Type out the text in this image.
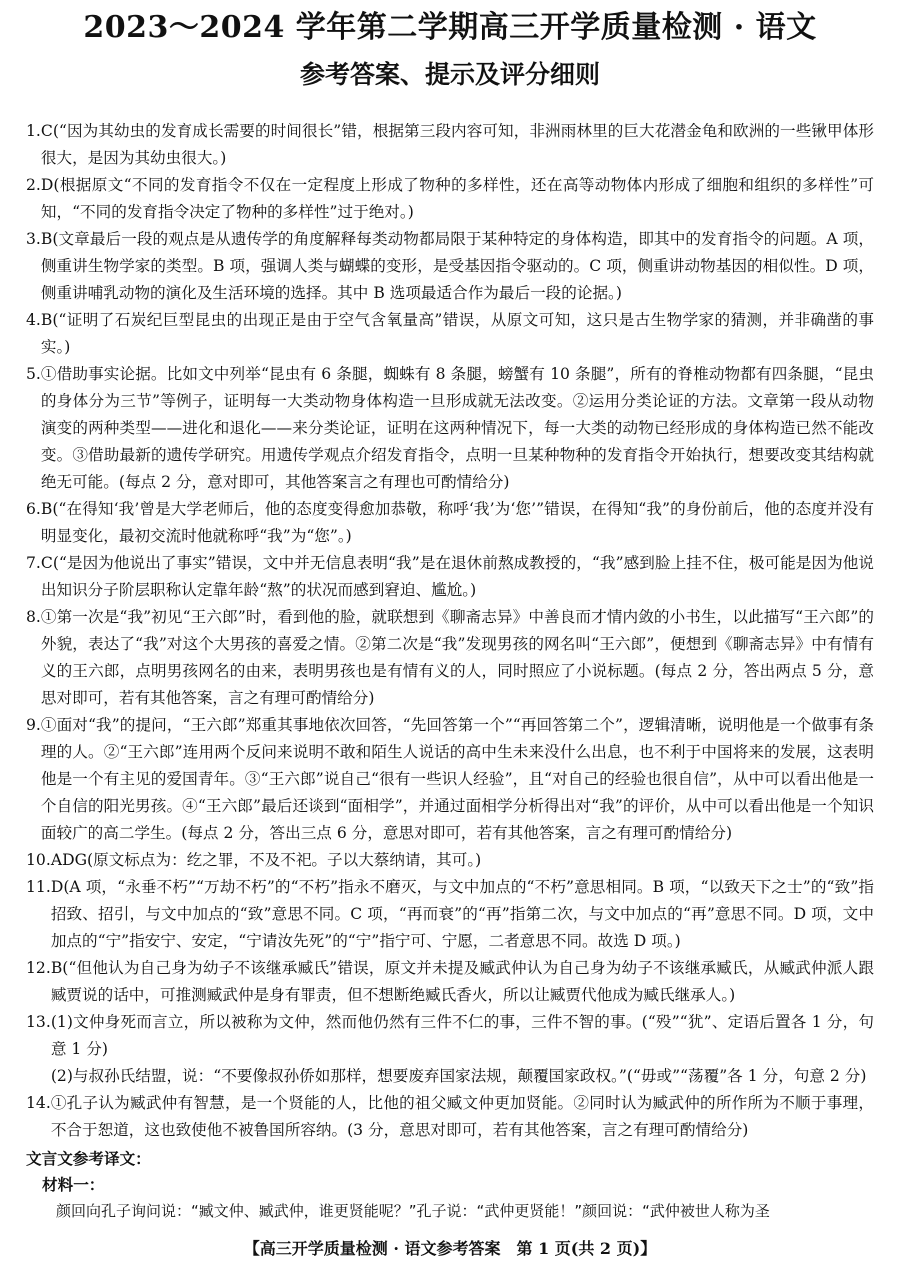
2023～2024 学年第二学期高三开学质量检测 · 语文
参考答案、提示及评分细则
1. C(“因为其幼虫的发育成长需要的时间很长”错，根据第三段内容可知，非洲雨林里的巨大花潜金龟和欧洲的一些锹甲体形很大，是因为其幼虫很大。)
2. D(根据原文“不同的发育指令不仅在一定程度上形成了物种的多样性，还在高等动物体内形成了细胞和组织的多样性”可知，“不同的发育指令决定了物种的多样性”过于绝对。)
3. B(文章最后一段的观点是从遗传学的角度解释每类动物都局限于某种特定的身体构造，即其中的发育指令的问题。A 项，侧重讲生物学家的类型。B 项，强调人类与蝴蝶的变形，是受基因指令驱动的。C 项，侧重讲动物基因的相似性。D 项，侧重讲哺乳动物的演化及生活环境的选择。其中 B 选项最适合作为最后一段的论据。)
4. B(“证明了石炭纪巨型昆虫的出现正是由于空气含氧量高”错误，从原文可知，这只是古生物学家的猜测，并非确凿的事实。)
5. ①借助事实论据。比如文中列举“昆虫有 6 条腿，蜘蛛有 8 条腿，螃蟹有 10 条腿”，所有的脊椎动物都有四条腿，“昆虫的身体分为三节”等例子，证明每一大类动物身体构造一旦形成就无法改变。②运用分类论证的方法。文章第一段从动物演变的两种类型——进化和退化——来分类论证，证明在这两种情况下，每一大类的动物已经形成的身体构造已然不能改变。③借助最新的遗传学研究。用遗传学观点介绍发育指令，点明一旦某种物种的发育指令开始执行，想要改变其结构就绝无可能。(每点 2 分，意对即可，其他答案言之有理也可酌情给分)
6. B(“在得知‘我’曾是大学老师后，他的态度变得愈加恭敬，称呼‘我’为‘您’”错误，在得知“我”的身份前后，他的态度并没有明显变化，最初交流时他就称呼“我”为“您”。)
7. C(“是因为他说出了事实”错误，文中并无信息表明“我”是在退休前熬成教授的，“我”感到脸上挂不住，极可能是因为他说出知识分子阶层职称认定靠年龄“熬”的状况而感到窘迫、尴尬。)
8. ①第一次是“我”初见“王六郎”时，看到他的脸，就联想到《聊斋志异》中善良而才情内敛的小书生，以此描写“王六郎”的外貌，表达了“我”对这个大男孩的喜爱之情。②第二次是“我”发现男孩的网名叫“王六郎”，便想到《聊斋志异》中有情有义的王六郎，点明男孩网名的由来，表明男孩也是有情有义的人，同时照应了小说标题。(每点 2 分，答出两点 5 分，意思对即可，若有其他答案，言之有理可酌情给分)
9. ①面对“我”的提问，“王六郎”郑重其事地依次回答，“先回答第一个”“再回答第二个”，逻辑清晰，说明他是一个做事有条理的人。②“王六郎”连用两个反问来说明不敢和陌生人说话的高中生未来没什么出息，也不利于中国将来的发展，这表明他是一个有主见的爱国青年。③“王六郎”说自己“很有一些识人经验”，且“对自己的经验也很自信”，从中可以看出他是一个自信的阳光男孩。④“王六郎”最后还谈到“面相学”，并通过面相学分析得出对“我”的评价，从中可以看出他是一个知识面较广的高二学生。(每点 2 分，答出三点 6 分，意思对即可，若有其他答案，言之有理可酌情给分)
10. ADG(原文标点为：纥之罪，不及不祀。子以大蔡纳请，其可。)
11. D(A 项，“永垂不朽”“万劫不朽”的“不朽”指永不磨灭，与文中加点的“不朽”意思相同。B 项，“以致天下之士”的“致”指招致、招引，与文中加点的“致”意思不同。C 项，“再而衰”的“再”指第二次，与文中加点的“再”意思不同。D 项，文中加点的“宁”指安宁、安定，“宁请汝先死”的“宁”指宁可、宁愿，二者意思不同。故选 D 项。)
12. B(“但他认为自己身为幼子不该继承臧氏”错误，原文并未提及臧武仲认为自己身为幼子不该继承臧氏，从臧武仲派人跟臧贾说的话中，可推测臧武仲是身有罪责，但不想断绝臧氏香火，所以让臧贾代他成为臧氏继承人。)
13. (1)文仲身死而言立，所以被称为文仲，然而他仍然有三件不仁的事，三件不智的事。(“殁”“犹”、定语后置各 1 分，句意 1 分)

(2)与叔孙氏结盟，说：“不要像叔孙侨如那样，想要废弃国家法规，颠覆国家政权。”(“毋或”“荡覆”各 1 分，句意 2 分)

14. ①孔子认为臧武仲有智慧，是一个贤能的人，比他的祖父臧文仲更加贤能。②同时认为臧武仲的所作所为不顺于事理，不合于恕道，这也致使他不被鲁国所容纳。(3 分，意思对即可，若有其他答案，言之有理可酌情给分)

文言文参考译文：

材料一：

颜回向孔子询问说：“臧文仲、臧武仲，谁更贤能呢？”孔子说：“武仲更贤能！”颜回说：“武仲被世人称为圣

【高三开学质量检测 · 语文参考答案　第 1 页(共 2 页)】
